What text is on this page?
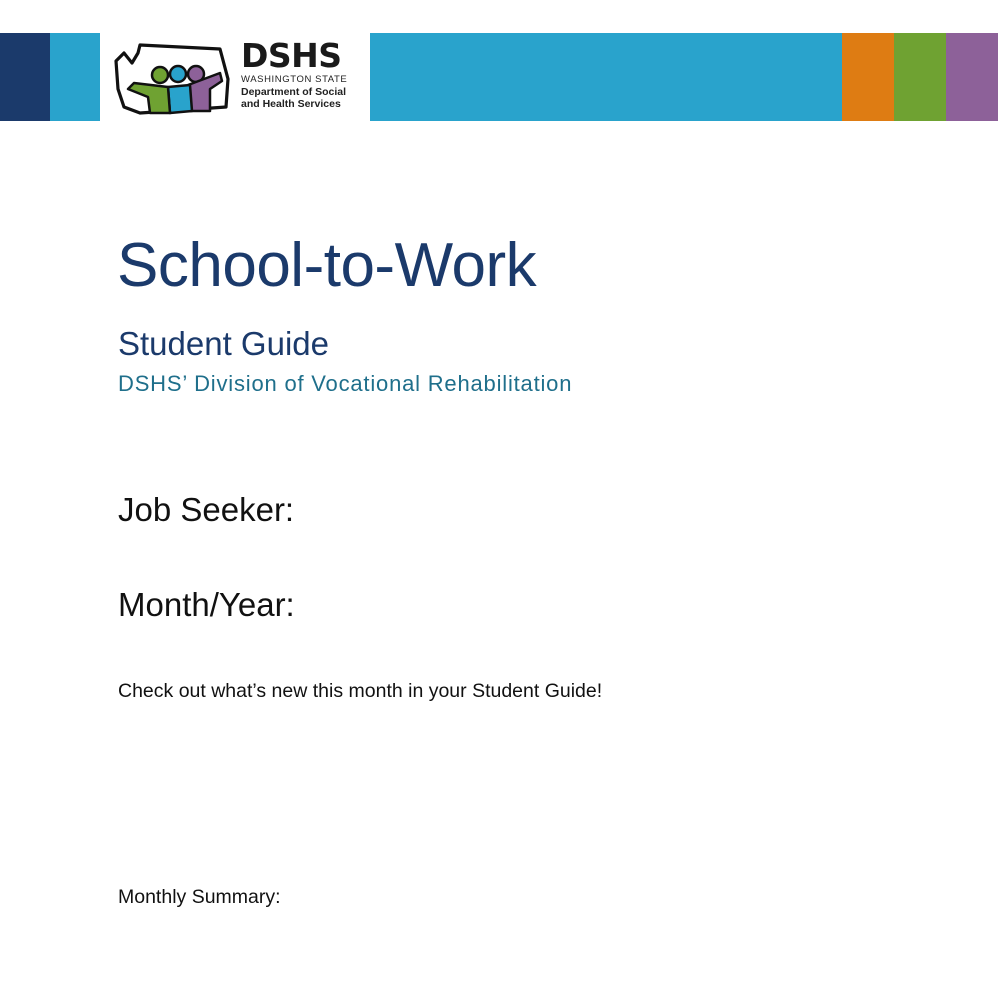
DSHS
WASHINGTON STATE
Department of Social
and Health Services
School-to-Work
Student Guide
DSHS’ Division of Vocational Rehabilitation
Job Seeker:
Month/Year:
Check out what’s new this month in your Student Guide!
Monthly Summary:
